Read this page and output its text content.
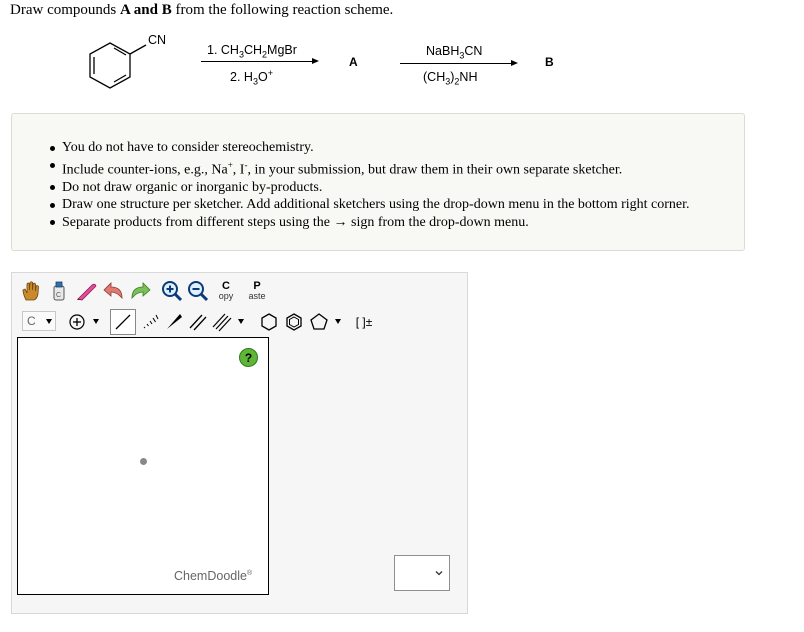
Draw compounds A and B from the following reaction scheme.
CN
1. $CH_3CH_2MgBr$
2. $H_3O^+$
A
NaBH$_3$CN
$(CH_3)_2NH$
B
You do not have to consider stereochemistry.
Include counter-ions, e.g., Na+, I-, in your submission, but draw them in their own separate sketcher.
Do not draw organic or inorganic by-products.
Draw one structure per sketcher. Add additional sketchers using the drop-down menu in the bottom right corner.
Separate products from different steps using the → sign from the drop-down menu.
C
C
opy
P
aste
C	[ ]±
?
ChemDoodle®
